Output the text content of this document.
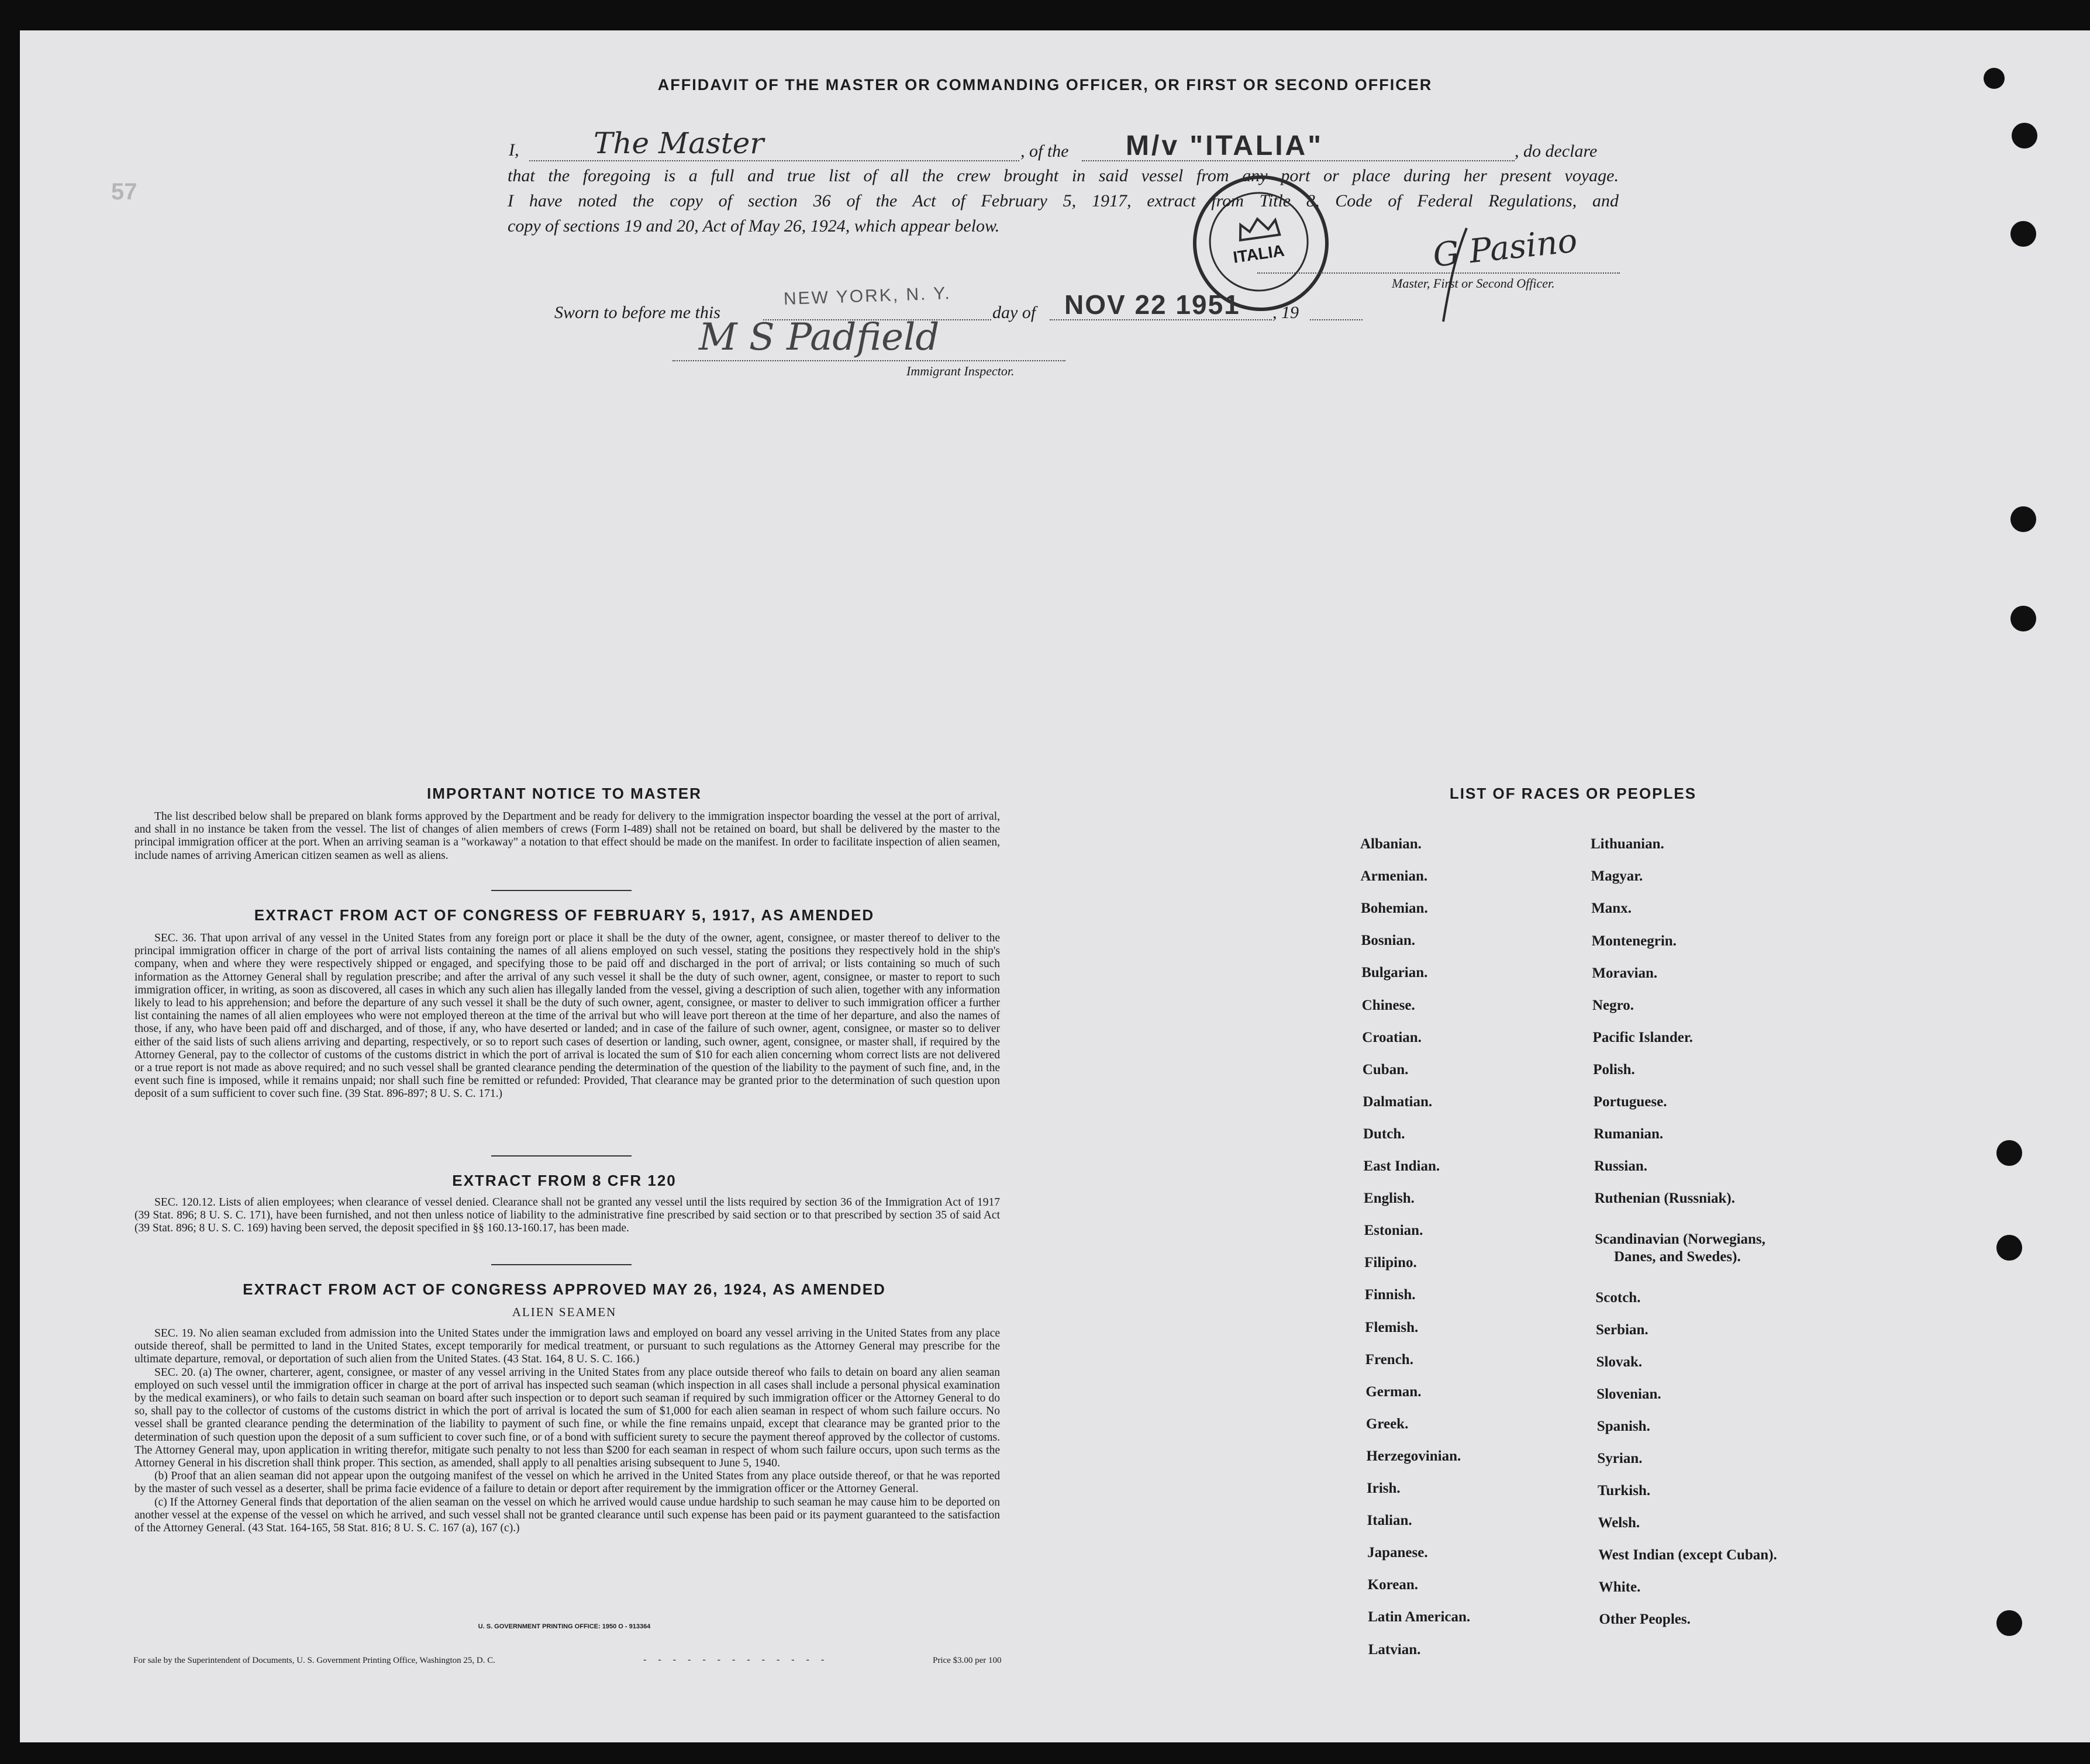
57
AFFIDAVIT OF THE MASTER OR COMMANDING OFFICER, OR FIRST OR SECOND OFFICER
I,	The Master	, of the M/v "ITALIA"	, do declare
that the foregoing is a full and true list of all the crew brought in said vessel from any port or place during her present voyage.
I have noted the copy of section 36 of the Act of February 5, 1917, extract from Title 8, Code of Federal Regulations, and
copy of sections 19 and 20, Act of May 26, 1924, which appear below.
ITALIA	G Pasino
Master, First or Second Officer.
Sworn to before me this
NEW YORK, N. Y.
day of NOV 22 1951 , 19
M S Padfield
Immigrant Inspector.
IMPORTANT NOTICE TO MASTER

The list described below shall be prepared on blank forms approved by the Department and be ready for delivery to the immigration inspector boarding the vessel at the port of arrival, and shall in no instance be taken from the vessel. The list of changes of alien members of crews (Form I-489) shall not be retained on board, but shall be delivered by the master to the principal immigration officer at the port. When an arriving seaman is a "workaway" a notation to that effect should be made on the manifest. In order to facilitate inspection of alien seamen, include names of arriving American citizen seamen as well as aliens.

EXTRACT FROM ACT OF CONGRESS OF FEBRUARY 5, 1917, AS AMENDED

SEC. 36. That upon arrival of any vessel in the United States from any foreign port or place it shall be the duty of the owner, agent, consignee, or master thereof to deliver to the principal immigration officer in charge of the port of arrival lists containing the names of all aliens employed on such vessel, stating the positions they respectively hold in the ship's company, when and where they were respectively shipped or engaged, and specifying those to be paid off and discharged in the port of arrival; or lists containing so much of such information as the Attorney General shall by regulation prescribe; and after the arrival of any such vessel it shall be the duty of such owner, agent, consignee, or master to report to such immigration officer, in writing, as soon as discovered, all cases in which any such alien has illegally landed from the vessel, giving a description of such alien, together with any information likely to lead to his apprehension; and before the departure of any such vessel it shall be the duty of such owner, agent, consignee, or master to deliver to such immigration officer a further list containing the names of all alien employees who were not employed thereon at the time of the arrival but who will leave port thereon at the time of her departure, and also the names of those, if any, who have been paid off and discharged, and of those, if any, who have deserted or landed; and in case of the failure of such owner, agent, consignee, or master so to deliver either of the said lists of such aliens arriving and departing, respectively, or so to report such cases of desertion or landing, such owner, agent, consignee, or master shall, if required by the Attorney General, pay to the collector of customs of the customs district in which the port of arrival is located the sum of $10 for each alien concerning whom correct lists are not delivered or a true report is not made as above required; and no such vessel shall be granted clearance pending the determination of the question of the liability to the payment of such fine, and, in the event such fine is imposed, while it remains unpaid; nor shall such fine be remitted or refunded: Provided, That clearance may be granted prior to the determination of such question upon deposit of a sum sufficient to cover such fine. (39 Stat. 896-897; 8 U. S. C. 171.)

EXTRACT FROM 8 CFR 120

SEC. 120.12. Lists of alien employees; when clearance of vessel denied. Clearance shall not be granted any vessel until the lists required by section 36 of the Immigration Act of 1917 (39 Stat. 896; 8 U. S. C. 171), have been furnished, and not then unless notice of liability to the administrative fine prescribed by said section or to that prescribed by section 35 of said Act (39 Stat. 896; 8 U. S. C. 169) having been served, the deposit specified in §§ 160.13-160.17, has been made.

EXTRACT FROM ACT OF CONGRESS APPROVED MAY 26, 1924, AS AMENDED
ALIEN SEAMEN

SEC. 19. No alien seaman excluded from admission into the United States under the immigration laws and employed on board any vessel arriving in the United States from any place outside thereof, shall be permitted to land in the United States, except temporarily for medical treatment, or pursuant to such regulations as the Attorney General may prescribe for the ultimate departure, removal, or deportation of such alien from the United States. (43 Stat. 164, 8 U. S. C. 166.)

SEC. 20. (a) The owner, charterer, agent, consignee, or master of any vessel arriving in the United States from any place outside thereof who fails to detain on board any alien seaman employed on such vessel until the immigration officer in charge at the port of arrival has inspected such seaman (which inspection in all cases shall include a personal physical examination by the medical examiners), or who fails to detain such seaman on board after such inspection or to deport such seaman if required by such immigration officer or the Attorney General to do so, shall pay to the collector of customs of the customs district in which the port of arrival is located the sum of $1,000 for each alien seaman in respect of whom such failure occurs. No vessel shall be granted clearance pending the determination of the liability to payment of such fine, or while the fine remains unpaid, except that clearance may be granted prior to the determination of such question upon the deposit of a sum sufficient to cover such fine, or of a bond with sufficient surety to secure the payment thereof approved by the collector of customs. The Attorney General may, upon application in writing therefor, mitigate such penalty to not less than $200 for each seaman in respect of whom such failure occurs, upon such terms as the Attorney General in his discretion shall think proper. This section, as amended, shall apply to all penalties arising subsequent to June 5, 1940.

(b) Proof that an alien seaman did not appear upon the outgoing manifest of the vessel on which he arrived in the United States from any place outside thereof, or that he was reported by the master of such vessel as a deserter, shall be prima facie evidence of a failure to detain or deport after requirement by the immigration officer or the Attorney General.

(c) If the Attorney General finds that deportation of the alien seaman on the vessel on which he arrived would cause undue hardship to such seaman he may cause him to be deported on another vessel at the expense of the vessel on which he arrived, and such vessel shall not be granted clearance until such expense has been paid or its payment guaranteed to the satisfaction of the Attorney General. (43 Stat. 164-165, 58 Stat. 816; 8 U. S. C. 167 (a), 167 (c).)

U. S. GOVERNMENT PRINTING OFFICE: 1950 O - 913364
For sale by the Superintendent of Documents, U. S. Government Printing Office, Washington 25, D. C.	- - - - - - - - - - - - -	Price $3.00 per 100
LIST OF RACES OR PEOPLES
Albanian.
Armenian.
Bohemian.
Bosnian.
Bulgarian.
Chinese.
Croatian.
Cuban.
Dalmatian.
Dutch.
East Indian.
English.
Estonian.
Filipino.
Finnish.
Flemish.
French.
German.
Greek.
Herzegovinian.
Irish.
Italian.
Japanese.
Korean.
Latin American.
Latvian.
Lithuanian.
Magyar.
Manx.
Montenegrin.
Moravian.
Negro.
Pacific Islander.
Polish.
Portuguese.
Rumanian.
Russian.
Ruthenian (Russniak).
Scandinavian (Norwegians,
Danes, and Swedes).
Scotch.
Serbian.
Slovak.
Slovenian.
Spanish.
Syrian.
Turkish.
Welsh.
West Indian (except Cuban).
White.
Other Peoples.
